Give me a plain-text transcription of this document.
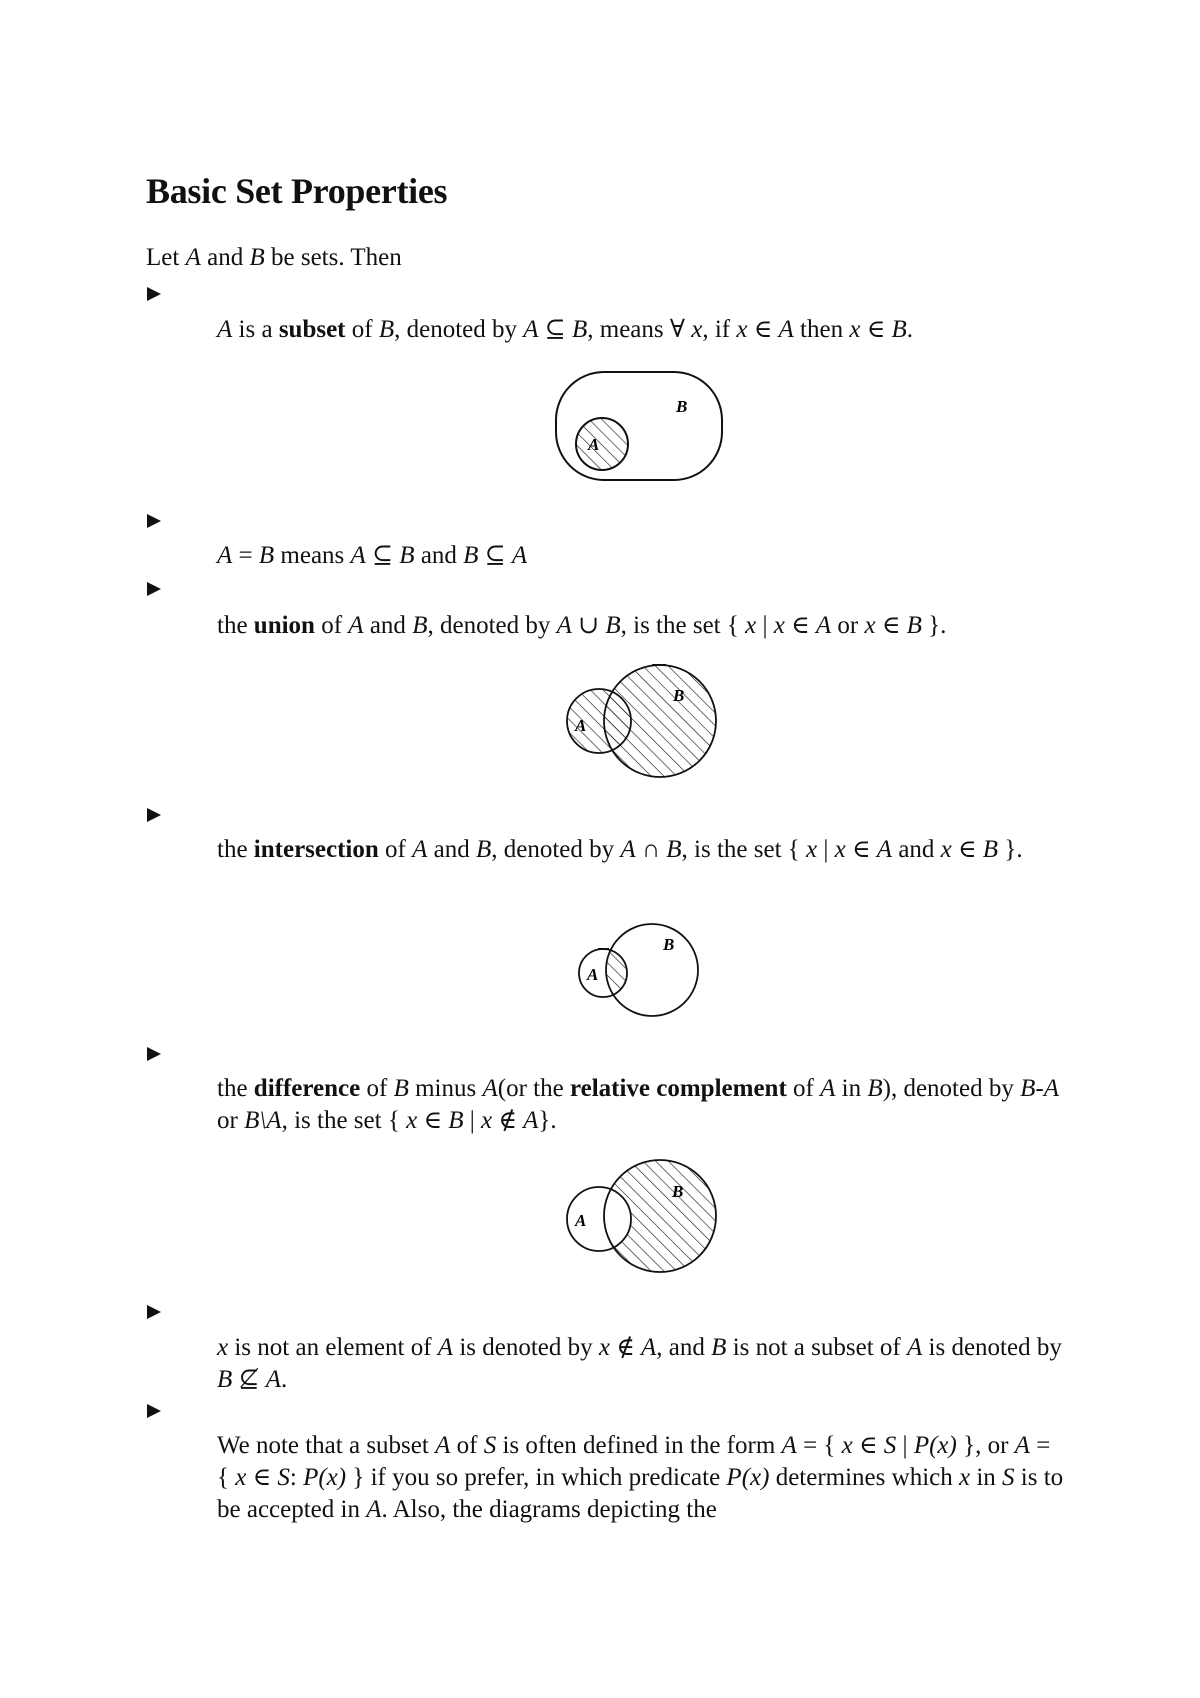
Basic Set Properties
Let A and B be sets. Then
A is a subset of B, denoted by A ⊆ B, means ∀ x, if x ∈ A then x ∈ B.
B
A
A = B means A ⊆ B and B ⊆ A
the union of A and B, denoted by A ∪ B, is the set { x | x ∈ A or x ∈ B }.
B
A
the intersection of A and B, denoted by A ∩ B, is the set { x | x ∈ A and x ∈ B }.
B
A
the difference of B minus A(or the relative complement of A in B), denoted by B-A or B\A, is the set { x ∈ B | x ∉ A}.
B
A
x is not an element of A is denoted by x ∉ A, and B is not a subset of A is denoted by B ⊈ A.
We note that a subset A of S is often defined in the form A = { x ∈ S | P(x) }, or A = { x ∈ S: P(x) } if you so prefer, in which predicate P(x) determines which x in S is to be accepted in A. Also, the diagrams depicting the
